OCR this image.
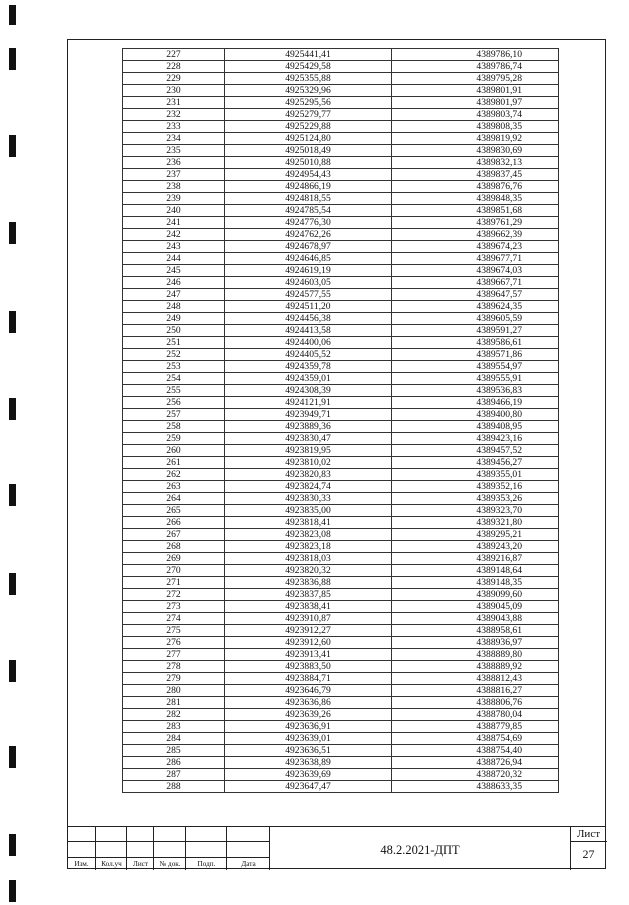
227	4925441,41	4389786,10
228	4925429,58	4389786,74
229	4925355,88	4389795,28
230	4925329,96	4389801,91
231	4925295,56	4389801,97
232	4925279,77	4389803,74
233	4925229,88	4389808,35
234	4925124,80	4389819,92
235	4925018,49	4389830,69
236	4925010,88	4389832,13
237	4924954,43	4389837,45
238	4924866,19	4389876,76
239	4924818,55	4389848,35
240	4924785,54	4389851,68
241	4924776,30	4389761,29
242	4924762,26	4389662,39
243	4924678,97	4389674,23
244	4924646,85	4389677,71
245	4924619,19	4389674,03
246	4924603,05	4389667,71
247	4924577,55	4389647,57
248	4924511,20	4389624,35
249	4924456,38	4389605,59
250	4924413,58	4389591,27
251	4924400,06	4389586,61
252	4924405,52	4389571,86
253	4924359,78	4389554,97
254	4924359,01	4389555,91
255	4924308,39	4389536,83
256	4924121,91	4389466,19
257	4923949,71	4389400,80
258	4923889,36	4389408,95
259	4923830,47	4389423,16
260	4923819,95	4389457,52
261	4923810,02	4389456,27
262	4923820,83	4389355,01
263	4923824,74	4389352,16
264	4923830,33	4389353,26
265	4923835,00	4389323,70
266	4923818,41	4389321,80
267	4923823,08	4389295,21
268	4923823,18	4389243,20
269	4923818,03	4389216,87
270	4923820,32	4389148,64
271	4923836,88	4389148,35
272	4923837,85	4389099,60
273	4923838,41	4389045,09
274	4923910,87	4389043,88
275	4923912,27	4388958,61
276	4923912,60	4388936,97
277	4923913,41	4388889,80
278	4923883,50	4388889,92
279	4923884,71	4388812,43
280	4923646,79	4388816,27
281	4923636,86	4388806,76
282	4923639,26	4388780,04
283	4923636,91	4388779,85
284	4923639,01	4388754,69
285	4923636,51	4388754,40
286	4923638,89	4388726,94
287	4923639,69	4388720,32
288	4923647,47	4388633,35
Изм.	Кол.уч	Лист	№ док.	Подп.	Дата
48.2.2021-ДПТ
Лист
27
